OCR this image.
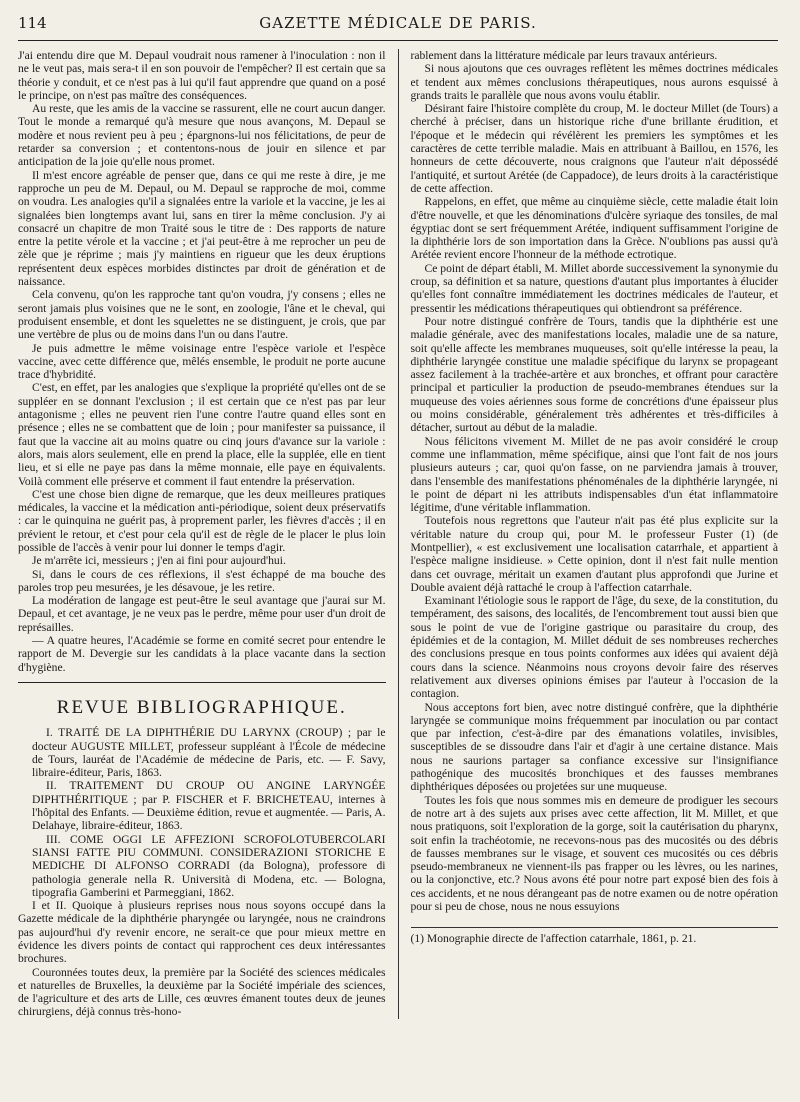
114	GAZETTE MÉDICALE DE PARIS.

J'ai entendu dire que M. Depaul voudrait nous ramener à l'inoculation : non il ne le veut pas, mais sera-t il en son pouvoir de l'empêcher? Il est certain que sa théorie y conduit, et ce n'est pas à lui qu'il faut apprendre que quand on a posé le principe, on n'est pas maître des conséquences.

Au reste, que les amis de la vaccine se rassurent, elle ne court aucun danger. Tout le monde a remarqué qu'à mesure que nous avançons, M. Depaul se modère et nous revient peu à peu ; épargnons-lui nos félicitations, de peur de retarder sa conversion ; et contentons-nous de jouir en silence et par anticipation de la joie qu'elle nous promet.

Il m'est encore agréable de penser que, dans ce qui me reste à dire, je me rapproche un peu de M. Depaul, ou M. Depaul se rapproche de moi, comme on voudra. Les analogies qu'il a signalées entre la variole et la vaccine, je les ai signalées bien longtemps avant lui, sans en tirer la même conclusion. J'y ai consacré un chapitre de mon Traité sous le titre de : Des rapports de nature entre la petite vérole et la vaccine ; et j'ai peut-être à me reprocher un peu de zèle que je réprime ; mais j'y maintiens en rigueur que les deux éruptions représentent deux espèces morbides distinctes par droit de génération et de naissance.

Cela convenu, qu'on les rapproche tant qu'on voudra, j'y consens ; elles ne seront jamais plus voisines que ne le sont, en zoologie, l'âne et le cheval, qui produisent ensemble, et dont les squelettes ne se distinguent, je crois, que par une vertèbre de plus ou de moins dans l'un ou dans l'autre.

Je puis admettre le même voisinage entre l'espèce variole et l'espèce vaccine, avec cette différence que, mêlés ensemble, le produit ne porte aucune trace d'hybridité.

C'est, en effet, par les analogies que s'explique la propriété qu'elles ont de se suppléer en se donnant l'exclusion ; il est certain que ce n'est pas par leur antagonisme ; elles ne peuvent rien l'une contre l'autre quand elles sont en présence ; elles ne se combattent que de loin ; pour manifester sa puissance, il faut que la vaccine ait au moins quatre ou cinq jours d'avance sur la variole : alors, mais alors seulement, elle en prend la place, elle la supplée, elle en tient lieu, et si elle ne paye pas dans la même monnaie, elle paye en équivalents. Voilà comment elle préserve et comment il faut entendre la préservation.

C'est une chose bien digne de remarque, que les deux meilleures pratiques médicales, la vaccine et la médication anti-périodique, soient deux préservatifs : car le quinquina ne guérit pas, à proprement parler, les fièvres d'accès ; il en prévient le retour, et c'est pour cela qu'il est de règle de le placer le plus loin possible de l'accès à venir pour lui donner le temps d'agir.

Je m'arrête ici, messieurs ; j'en ai fini pour aujourd'hui.

Si, dans le cours de ces réflexions, il s'est échappé de ma bouche des paroles trop peu mesurées, je les désavoue, je les retire.

La modération de langage est peut-être le seul avantage que j'aurai sur M. Depaul, et cet avantage, je ne veux pas le perdre, même pour user d'un droit de représailles.

— A quatre heures, l'Académie se forme en comité secret pour entendre le rapport de M. Devergie sur les candidats à la place vacante dans la section d'hygiène.

REVUE BIBLIOGRAPHIQUE.

I. TRAITÉ DE LA DIPHTHÉRIE DU LARYNX (CROUP) ; par le docteur AUGUSTE MILLET, professeur suppléant à l'École de médecine de Tours, lauréat de l'Académie de médecine de Paris, etc. — F. Savy, libraire-éditeur, Paris, 1863.

II. TRAITEMENT DU CROUP OU ANGINE LARYNGÉE DIPHTHÉRITIQUE ; par P. FISCHER et F. BRICHETEAU, internes à l'hôpital des Enfants. — Deuxième édition, revue et augmentée. — Paris, A. Delahaye, libraire-éditeur, 1863.

III. COME OGGI LE AFFEZIONI SCROFOLOTUBERCOLARI SIANSI FATTE PIU COMMUNI. CONSIDERAZIONI STORICHE E MEDICHE DI ALFONSO CORRADI (da Bologna), professore di pathologia generale nella R. Università di Modena, etc. — Bologna, tipografia Gamberini et Parmeggiani, 1862.

I et II. Quoique à plusieurs reprises nous nous soyons occupé dans la Gazette médicale de la diphthérie pharyngée ou laryngée, nous ne craindrons pas aujourd'hui d'y revenir encore, ne serait-ce que pour mieux mettre en évidence les divers points de contact qui rapprochent ces deux intéressantes brochures.

Couronnées toutes deux, la première par la Société des sciences médicales et naturelles de Bruxelles, la deuxième par la Société impériale des sciences, de l'agriculture et des arts de Lille, ces œuvres émanent toutes deux de jeunes chirurgiens, déjà connus très-hono-

rablement dans la littérature médicale par leurs travaux antérieurs.

Si nous ajoutons que ces ouvrages reflètent les mêmes doctrines médicales et tendent aux mêmes conclusions thérapeutiques, nous aurons esquissé à grands traits le parallèle que nous avons voulu établir.

Désirant faire l'histoire complète du croup, M. le docteur Millet (de Tours) a cherché à préciser, dans un historique riche d'une brillante érudition, et l'époque et le médecin qui révélèrent les premiers les symptômes et les caractères de cette terrible maladie. Mais en attribuant à Baillou, en 1576, les honneurs de cette découverte, nous craignons que l'auteur n'ait dépossédé l'antiquité, et surtout Arétée (de Cappadoce), de leurs droits à la caractéristique de cette affection.

Rappelons, en effet, que même au cinquième siècle, cette maladie était loin d'être nouvelle, et que les dénominations d'ulcère syriaque des tonsiles, de mal égyptiac dont se sert fréquemment Arétée, indiquent suffisamment l'origine de la diphthérie lors de son importation dans la Grèce. N'oublions pas aussi qu'à Arétée revient encore l'honneur de la méthode ectrotique.

Ce point de départ établi, M. Millet aborde successivement la synonymie du croup, sa définition et sa nature, questions d'autant plus importantes à élucider qu'elles font connaître immédiatement les doctrines médicales de l'auteur, et pressentir les médications thérapeutiques qui obtiendront sa préférence.

Pour notre distingué confrère de Tours, tandis que la diphthérie est une maladie générale, avec des manifestations locales, maladie une de sa nature, soit qu'elle affecte les membranes muqueuses, soit qu'elle intéresse la peau, la diphthérie laryngée constitue une maladie spécifique du larynx se propageant assez facilement à la trachée-artère et aux bronches, et offrant pour caractère principal et particulier la production de pseudo-membranes étendues sur la muqueuse des voies aériennes sous forme de concrétions d'une épaisseur plus ou moins considérable, généralement très adhérentes et très-difficiles à détacher, surtout au début de la maladie.

Nous félicitons vivement M. Millet de ne pas avoir considéré le croup comme une inflammation, même spécifique, ainsi que l'ont fait de nos jours plusieurs auteurs ; car, quoi qu'on fasse, on ne parviendra jamais à trouver, dans l'ensemble des manifestations phénoménales de la diphthérie laryngée, ni le point de départ ni les attributs indispensables d'un état inflammatoire légitime, d'une véritable inflammation.

Toutefois nous regrettons que l'auteur n'ait pas été plus explicite sur la véritable nature du croup qui, pour M. le professeur Fuster (1) (de Montpellier), « est exclusivement une localisation catarrhale, et appartient à l'espèce maligne insidieuse. » Cette opinion, dont il n'est fait nulle mention dans cet ouvrage, méritait un examen d'autant plus approfondi que Jurine et Double avaient déjà rattaché le croup à l'affection catarrhale.

Examinant l'étiologie sous le rapport de l'âge, du sexe, de la constitution, du tempérament, des saisons, des localités, de l'encombrement tout aussi bien que sous le point de vue de l'origine gastrique ou parasitaire du croup, des épidémies et de la contagion, M. Millet déduit de ses nombreuses recherches des conclusions presque en tous points conformes aux idées qui avaient déjà cours dans la science. Néanmoins nous croyons devoir faire des réserves relativement aux diverses opinions émises par l'auteur à l'occasion de la contagion.

Nous acceptons fort bien, avec notre distingué confrère, que la diphthérie laryngée se communique moins fréquemment par inoculation ou par contact que par infection, c'est-à-dire par des émanations volatiles, invisibles, susceptibles de se dissoudre dans l'air et d'agir à une certaine distance. Mais nous ne saurions partager sa confiance excessive sur l'insignifiance pathogénique des mucosités bronchiques et des fausses membranes diphthériques déposées ou projetées sur une muqueuse.

Toutes les fois que nous sommes mis en demeure de prodiguer les secours de notre art à des sujets aux prises avec cette affection, lit M. Millet, et que nous pratiquons, soit l'exploration de la gorge, soit la cautérisation du pharynx, soit enfin la trachéotomie, ne recevons-nous pas des mucosités ou des débris de fausses membranes sur le visage, et souvent ces mucosités ou ces débris pseudo-membraneux ne viennent-ils pas frapper ou les lèvres, ou les narines, ou la conjonctive, etc.? Nous avons été pour notre part exposé bien des fois à ces accidents, et ne nous dérangeant pas de notre examen ou de notre opération pour si peu de chose, nous ne nous essuyions

(1) Monographie directe de l'affection catarrhale, 1861, p. 21.
